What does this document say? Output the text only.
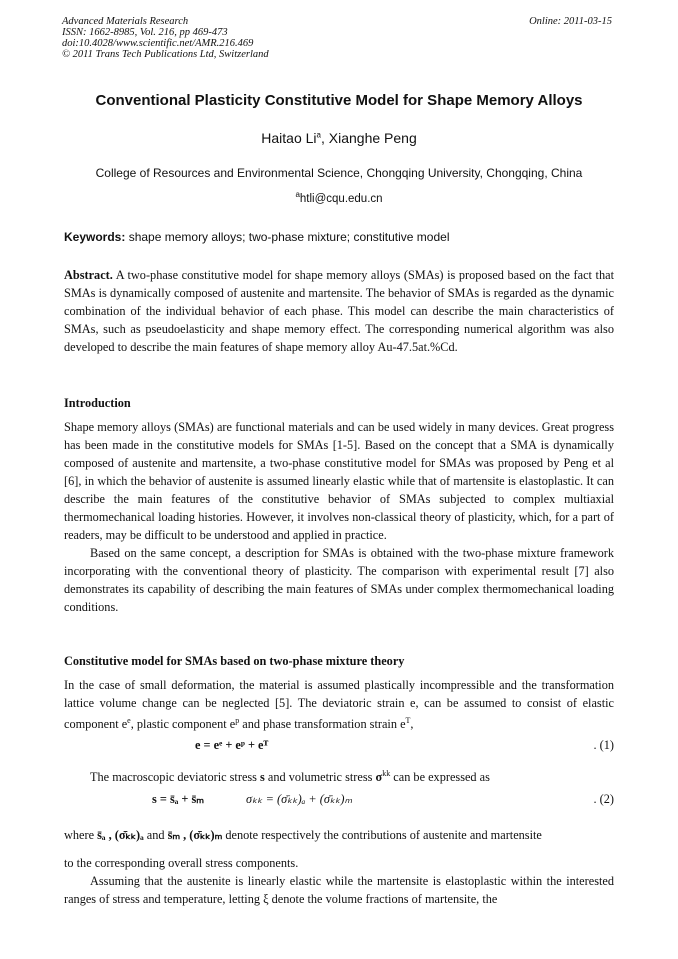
Advanced Materials Research
ISSN: 1662-8985, Vol. 216, pp 469-473
doi:10.4028/www.scientific.net/AMR.216.469
© 2011 Trans Tech Publications Ltd, Switzerland
Online: 2011-03-15
Conventional Plasticity Constitutive Model for Shape Memory Alloys
Haitao Li$^a$, Xianghe Peng
College of Resources and Environmental Science, Chongqing University, Chongqing, China
$^a$htli@cqu.edu.cn
Keywords: shape memory alloys; two-phase mixture; constitutive model
Abstract. A two-phase constitutive model for shape memory alloys (SMAs) is proposed based on the fact that SMAs is dynamically composed of austenite and martensite. The behavior of SMAs is regarded as the dynamic combination of the individual behavior of each phase. This model can describe the main characteristics of SMAs, such as pseudoelasticity and shape memory effect. The corresponding numerical algorithm was also developed to describe the main features of shape memory alloy Au-47.5at.%Cd.
Introduction
Shape memory alloys (SMAs) are functional materials and can be used widely in many devices. Great progress has been made in the constitutive models for SMAs [1-5]. Based on the concept that a SMA is dynamically composed of austenite and martensite, a two-phase constitutive model for SMAs was proposed by Peng et al [6], in which the behavior of austenite is assumed linearly elastic while that of martensite is elastoplastic. It can describe the main features of the constitutive behavior of SMAs subjected to complex multiaxial thermomechanical loading histories. However, it involves non-classical theory of plasticity, which, for a part of readers, may be difficult to be understood and applied in practice.
Based on the same concept, a description for SMAs is obtained with the two-phase mixture framework incorporating with the conventional theory of plasticity. The comparison with experimental result [7] also demonstrates its capability of describing the main features of SMAs under complex thermomechanical loading conditions.
Constitutive model for SMAs based on two-phase mixture theory
In the case of small deformation, the material is assumed plastically incompressible and the transformation lattice volume change can be neglected [5]. The deviatoric strain e, can be assumed to consist of elastic component $e^e$, plastic component $e^p$ and phase transformation strain $e^T$,
e = eᵉ + eᵖ + eᵀ	. (1)
The macroscopic deviatoric stress s and volumetric stress $\sigma^{kk}$ can be expressed as
s = s̄ₐ + s̄ₘ	σₖₖ = (σ̄ₖₖ)ₐ + (σ̄ₖₖ)ₘ	. (2)
where s̄ₐ , (σ̄ₖₖ)ₐ and s̄ₘ , (σ̄ₖₖ)ₘ denote respectively the contributions of austenite and martensite
to the corresponding overall stress components.
Assuming that the austenite is linearly elastic while the martensite is elastoplastic within the interested ranges of stress and temperature, letting ξ denote the volume fractions of martensite, the
